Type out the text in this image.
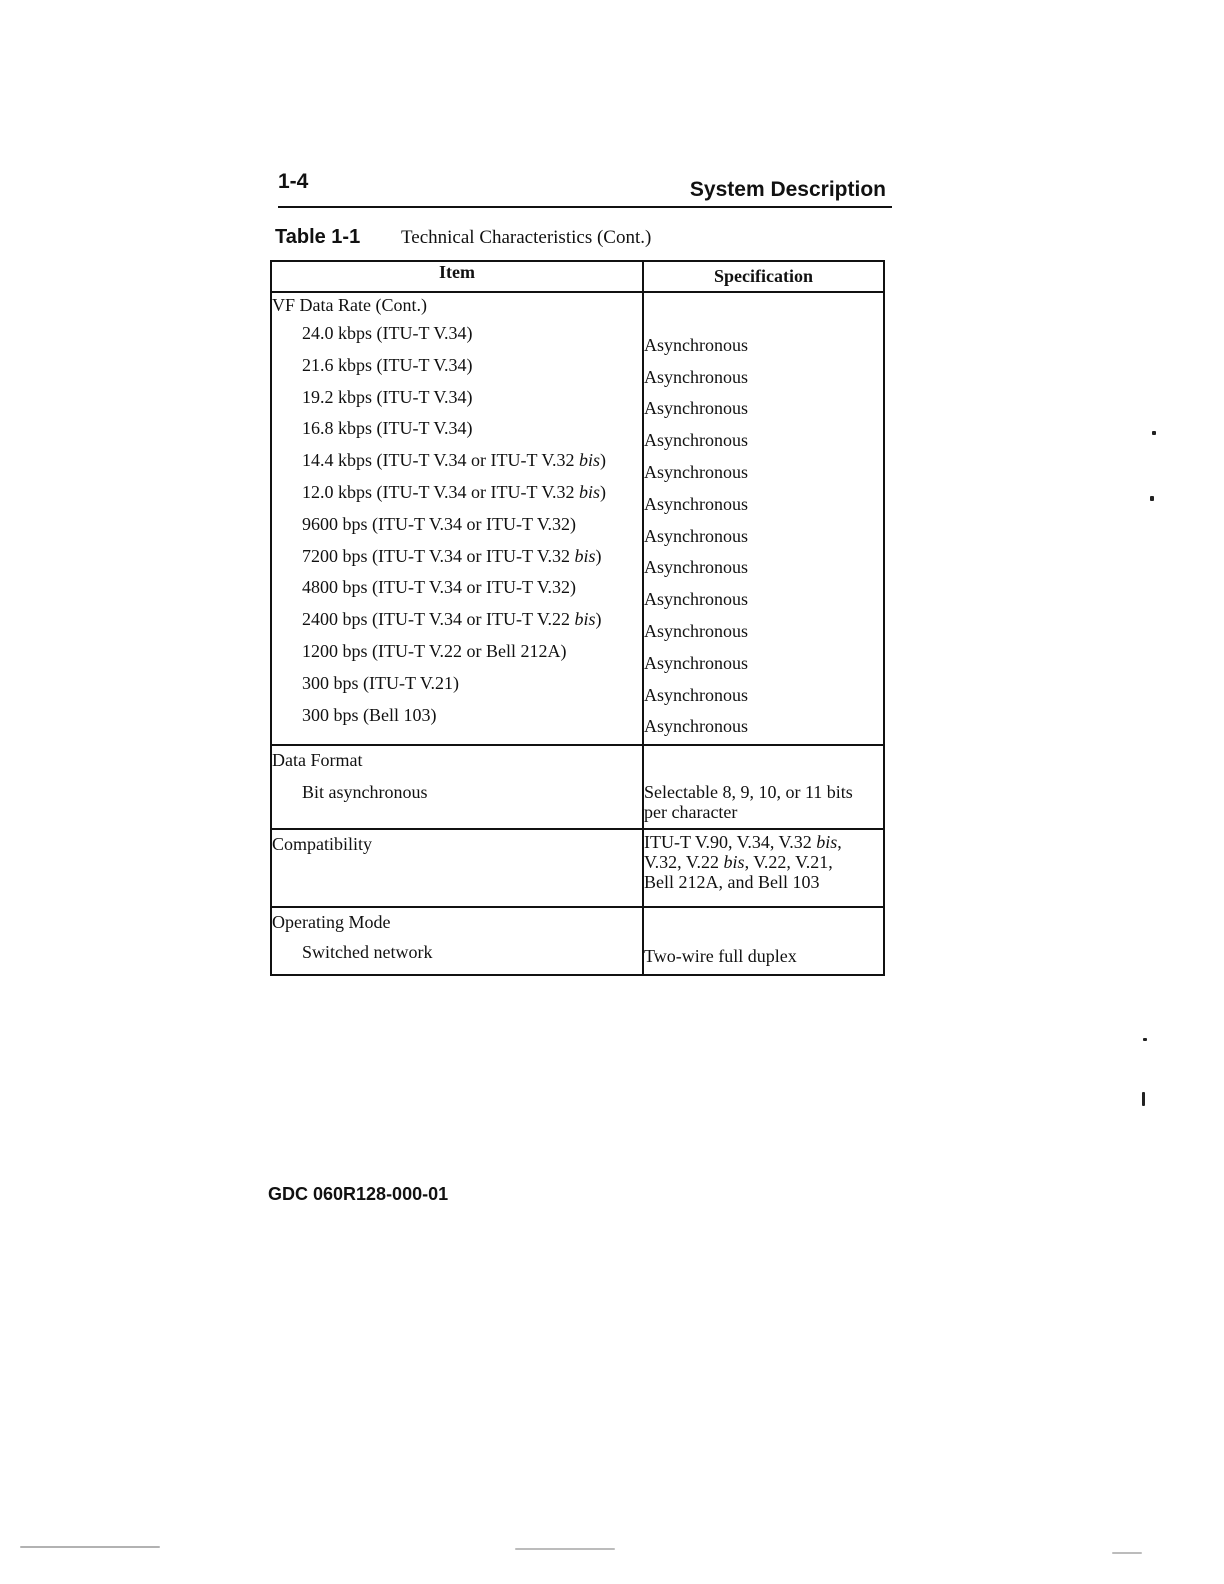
1-4	System Description
Table 1-1 Technical Characteristics (Cont.)
Item	Specification
VF Data Rate (Cont.)	
24.0 kbps (ITU-T V.34)	Asynchronous
21.6 kbps (ITU-T V.34)	Asynchronous
19.2 kbps (ITU-T V.34)	Asynchronous
16.8 kbps (ITU-T V.34)	Asynchronous
14.4 kbps (ITU-T V.34 or ITU-T V.32 bis)	Asynchronous
12.0 kbps (ITU-T V.34 or ITU-T V.32 bis)	Asynchronous
9600 bps (ITU-T V.34 or ITU-T V.32)	Asynchronous
7200 bps (ITU-T V.34 or ITU-T V.32 bis)	Asynchronous
4800 bps (ITU-T V.34 or ITU-T V.32)	Asynchronous
2400 bps (ITU-T V.34 or ITU-T V.22 bis)	Asynchronous
1200 bps (ITU-T V.22 or Bell 212A)	Asynchronous
300 bps (ITU-T V.21)	Asynchronous
300 bps (Bell 103)	Asynchronous

Data Format	
Bit asynchronous	Selectable 8, 9, 10, or 11 bits
per character

Compatibility	ITU-T V.90, V.34, V.32 bis,
V.32, V.22 bis, V.22, V.21,
Bell 212A, and Bell 103

Operating Mode	
Switched network	Two-wire full duplex
GDC 060R128-000-01
